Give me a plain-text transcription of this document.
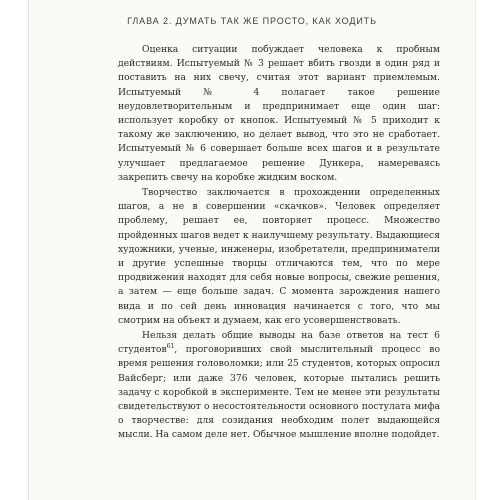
ГЛАВА 2. ДУМАТЬ ТАК ЖЕ ПРОСТО, КАК ХОДИТЬ

Оценка ситуации побуждает человека к пробным действиям. Испытуемый № 3 решает вбить гвозди в один ряд и поставить на них свечу, считая этот вариант приемлемым. Испытуемый № 4 полагает такое решение неудовлетворительным и предпринимает еще один шаг: использует коробку от кнопок. Испытуемый № 5 приходит к такому же заключению, но делает вывод, что это не сработает. Испытуемый № 6 совершает больше всех шагов и в результате улучшает предлагаемое решение Дункера, намереваясь закрепить свечу на коробке жидким воском.

Творчество заключается в прохождении определенных шагов, а не в совершении «скачков». Человек определяет проблему, решает ее, повторяет процесс. Множество пройденных шагов ведет к наилучшему результату. Выдающиеся художники, ученые, инженеры, изобретатели, предприниматели и другие успешные творцы отличаются тем, что по мере продвижения находят для себя новые вопросы, свежие решения, а затем — еще больше задач. С момента зарождения нашего вида и по сей день инновация начинается с того, что мы смотрим на объект и думаем, как его усовершенствовать.

Нельзя делать общие выводы на базе ответов на тест 6 студентов$^{61}$, проговоривших свой мыслительный процесс во время решения головоломки; или 25 студентов, которых опросил Вайсберг; или даже 376 человек, которые пытались решить задачу с коробкой в эксперименте. Тем не менее эти результаты свидетельствуют о несостоятельности основного постулата мифа о творчестве: для созидания необходим полет выдающейся мысли. На самом деле нет. Обычное мышление вполне подойдет.
